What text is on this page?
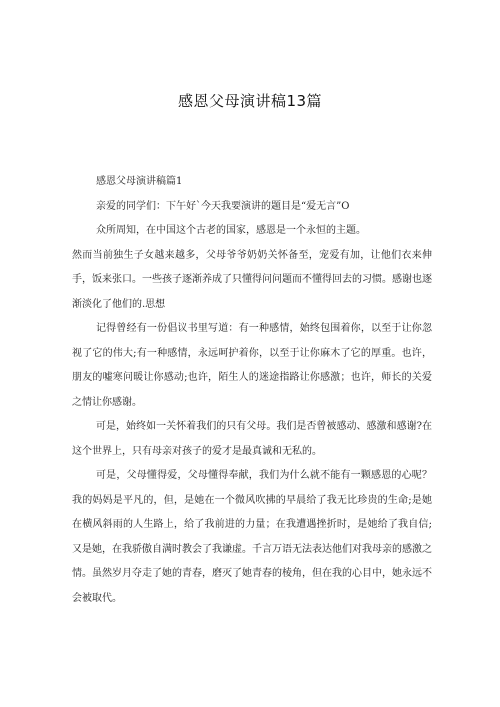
感恩父母演讲稿13篇

感恩父母演讲稿篇1

亲爱的同学们：下午好`今天我要演讲的题目是“爱无言”O

众所周知，在中国这个古老的国家，感恩是一个永恒的主题。

然而当前独生子女越来越多，父母爷爷奶奶关怀备至，宠爱有加，让他们衣来伸手，饭来张口。一些孩子逐渐养成了只懂得问问题而不懂得回去的习惯。感谢也逐渐淡化了他们的.思想

记得曾经有一份倡议书里写道：有一种感情，始终包围着你，以至于让你忽视了它的伟大;有一种感情，永远呵护着你，以至于让你麻木了它的厚重。也许，朋友的嘘寒问暖让你感动;也许，陌生人的迷途指路让你感激；也许，师长的关爱之情让你感谢。

可是，始终如一关怀着我们的只有父母。我们是否曾被感动、感激和感谢?在这个世界上，只有母亲对孩子的爱才是最真诚和无私的。

可是，父母懂得爱，父母懂得奉献，我们为什么就不能有一颗感恩的心呢？我的妈妈是平凡的，但，是她在一个微风吹拂的早晨给了我无比珍贵的生命;是她在横风斜雨的人生路上，给了我前进的力量；在我遭遇挫折时，是她给了我自信;又是她，在我骄傲自满时教会了我谦虚。千言万语无法表达他们对我母亲的感激之情。虽然岁月夺走了她的青春，磨灭了她青春的棱角，但在我的心目中，她永远不会被取代。
